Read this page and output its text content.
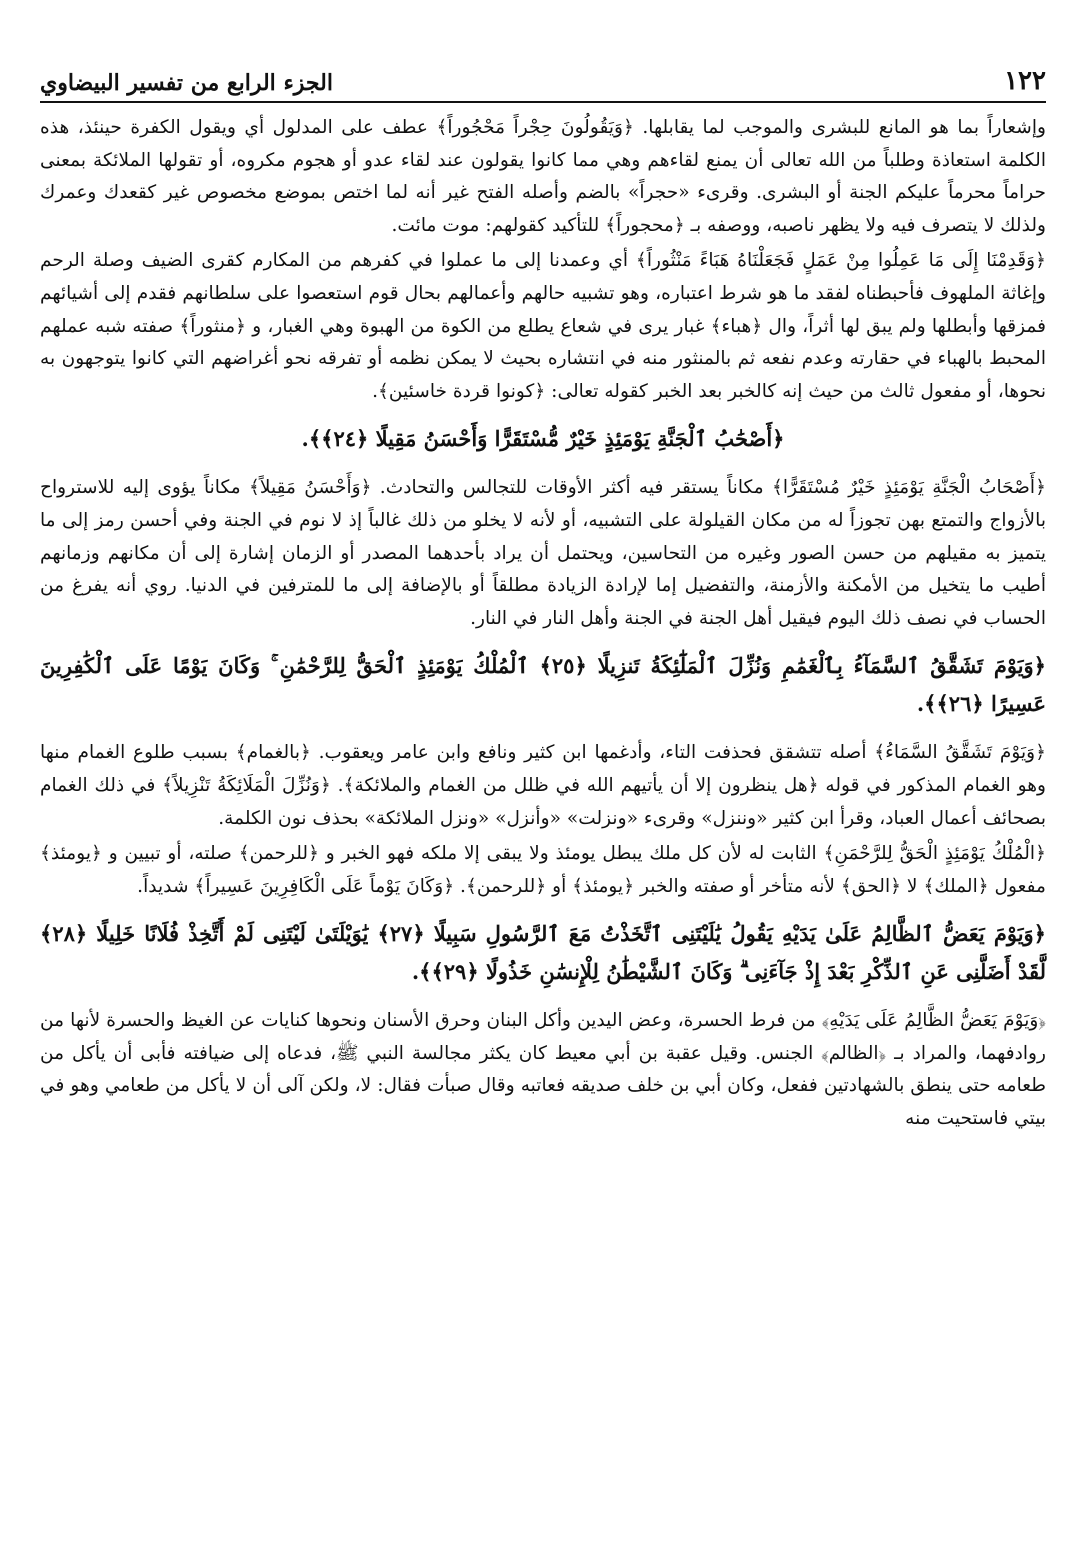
١٢٢
الجزء الرابع من تفسير البيضاوي

وإشعاراً بما هو المانع للبشرى والموجب لما يقابلها. ﴿وَيَقُولُونَ حِجْراً مَحْجُوراً﴾ عطف على المدلول أي ويقول الكفرة حينئذ، هذه الكلمة استعاذة وطلباً من الله تعالى أن يمنع لقاءهم وهي مما كانوا يقولون عند لقاء عدو أو هجوم مكروه، أو تقولها الملائكة بمعنى حراماً محرماً عليكم الجنة أو البشرى. وقرىء «حجراً» بالضم وأصله الفتح غير أنه لما اختص بموضع مخصوص غير كقعدك وعمرك ولذلك لا يتصرف فيه ولا يظهر ناصبه، ووصفه بـ ﴿محجوراً﴾ للتأكيد كقولهم: موت مائت.

﴿وَقَدِمْنَا إِلَى مَا عَمِلُوا مِنْ عَمَلٍ فَجَعَلْنَاهُ هَبَاءً مَنْثُوراً﴾ أي وعمدنا إلى ما عملوا في كفرهم من المكارم كقرى الضيف وصلة الرحم وإغاثة الملهوف فأحبطناه لفقد ما هو شرط اعتباره، وهو تشبيه حالهم وأعمالهم بحال قوم استعصوا على سلطانهم فقدم إلى أشيائهم فمزقها وأبطلها ولم يبق لها أثراً، وال ﴿هباء﴾ غبار يرى في شعاع يطلع من الكوة من الهبوة وهي الغبار، و ﴿منثوراً﴾ صفته شبه عملهم المحبط بالهباء في حقارته وعدم نفعه ثم بالمنثور منه في انتشاره بحيث لا يمكن نظمه أو تفرقه نحو أغراضهم التي كانوا يتوجهون به نحوها، أو مفعول ثالث من حيث إنه كالخبر بعد الخبر كقوله تعالى: ﴿كونوا قردة خاسئين﴾.

﴿أَصْحَٰبُ ٱلْجَنَّةِ يَوْمَئِذٍ خَيْرٌ مُّسْتَقَرًّا وَأَحْسَنُ مَقِيلًا ﴿٢٤﴾﴾.

﴿أَصْحَابُ الْجَنَّةِ يَوْمَئِذٍ خَيْرٌ مُسْتَقَرًّا﴾ مكاناً يستقر فيه أكثر الأوقات للتجالس والتحادث. ﴿وَأَحْسَنُ مَقِيلاً﴾ مكاناً يؤوى إليه للاسترواح بالأزواج والتمتع بهن تجوزاً له من مكان القيلولة على التشبيه، أو لأنه لا يخلو من ذلك غالباً إذ لا نوم في الجنة وفي أحسن رمز إلى ما يتميز به مقيلهم من حسن الصور وغيره من التحاسين، ويحتمل أن يراد بأحدهما المصدر أو الزمان إشارة إلى أن مكانهم وزمانهم أطيب ما يتخيل من الأمكنة والأزمنة، والتفضيل إما لإرادة الزيادة مطلقاً أو بالإضافة إلى ما للمترفين في الدنيا. روي أنه يفرغ من الحساب في نصف ذلك اليوم فيقيل أهل الجنة في الجنة وأهل النار في النار.

﴿وَيَوْمَ تَشَقَّقُ ٱلسَّمَآءُ بِٱلْغَمَٰمِ وَنُزِّلَ ٱلْمَلَٰٓئِكَةُ تَنزِيلًا ﴿٢٥﴾ ٱلْمُلْكُ يَوْمَئِذٍ ٱلْحَقُّ لِلرَّحْمَٰنِ ۚ وَكَانَ يَوْمًا عَلَى ٱلْكَٰفِرِينَ عَسِيرًا ﴿٢٦﴾﴾.

﴿وَيَوْمَ تَشَقَّقُ السَّمَاءُ﴾ أصله تتشقق فحذفت التاء، وأدغمها ابن كثير ونافع وابن عامر ويعقوب. ﴿بالغمام﴾ بسبب طلوع الغمام منها وهو الغمام المذكور في قوله ﴿هل ينظرون إلا أن يأتيهم الله في ظلل من الغمام والملائكة﴾. ﴿وَنُزِّلَ الْمَلَائِكَةُ تَنْزِيلاً﴾ في ذلك الغمام بصحائف أعمال العباد، وقرأ ابن كثير «وننزل» وقرىء «ونزلت» «وأنزل» «ونزل الملائكة» بحذف نون الكلمة.

﴿الْمُلْكُ يَوْمَئِذٍ الْحَقُّ لِلرَّحْمَنِ﴾ الثابت له لأن كل ملك يبطل يومئذ ولا يبقى إلا ملكه فهو الخبر و ﴿للرحمن﴾ صلته، أو تبيين و ﴿يومئذ﴾ مفعول ﴿الملك﴾ لا ﴿الحق﴾ لأنه متأخر أو صفته والخبر ﴿يومئذ﴾ أو ﴿للرحمن﴾. ﴿وَكَانَ يَوْماً عَلَى الْكَافِرِينَ عَسِيراً﴾ شديداً.

﴿وَيَوْمَ يَعَضُّ ٱلظَّالِمُ عَلَىٰ يَدَيْهِ يَقُولُ يَٰلَيْتَنِى ٱتَّخَذْتُ مَعَ ٱلرَّسُولِ سَبِيلًا ﴿٢٧﴾ يَٰوَيْلَتَىٰ لَيْتَنِى لَمْ أَتَّخِذْ فُلَانًا خَلِيلًا ﴿٢٨﴾ لَّقَدْ أَضَلَّنِى عَنِ ٱلذِّكْرِ بَعْدَ إِذْ جَآءَنِى ۗ وَكَانَ ٱلشَّيْطَٰنُ لِلْإِنسَٰنِ خَذُولًا ﴿٢٩﴾﴾.

﴿وَيَوْمَ يَعَضُّ الظَّالِمُ عَلَى يَدَيْهِ﴾ من فرط الحسرة، وعض اليدين وأكل البنان وحرق الأسنان ونحوها كنايات عن الغيظ والحسرة لأنها من روادفهما، والمراد بـ ﴿الظالم﴾ الجنس. وقيل عقبة بن أبي معيط كان يكثر مجالسة النبي ﷺ، فدعاه إلى ضيافته فأبى أن يأكل من طعامه حتى ينطق بالشهادتين ففعل، وكان أبي بن خلف صديقه فعاتبه وقال صبأت فقال: لا، ولكن آلى أن لا يأكل من طعامي وهو في بيتي فاستحيت منه
